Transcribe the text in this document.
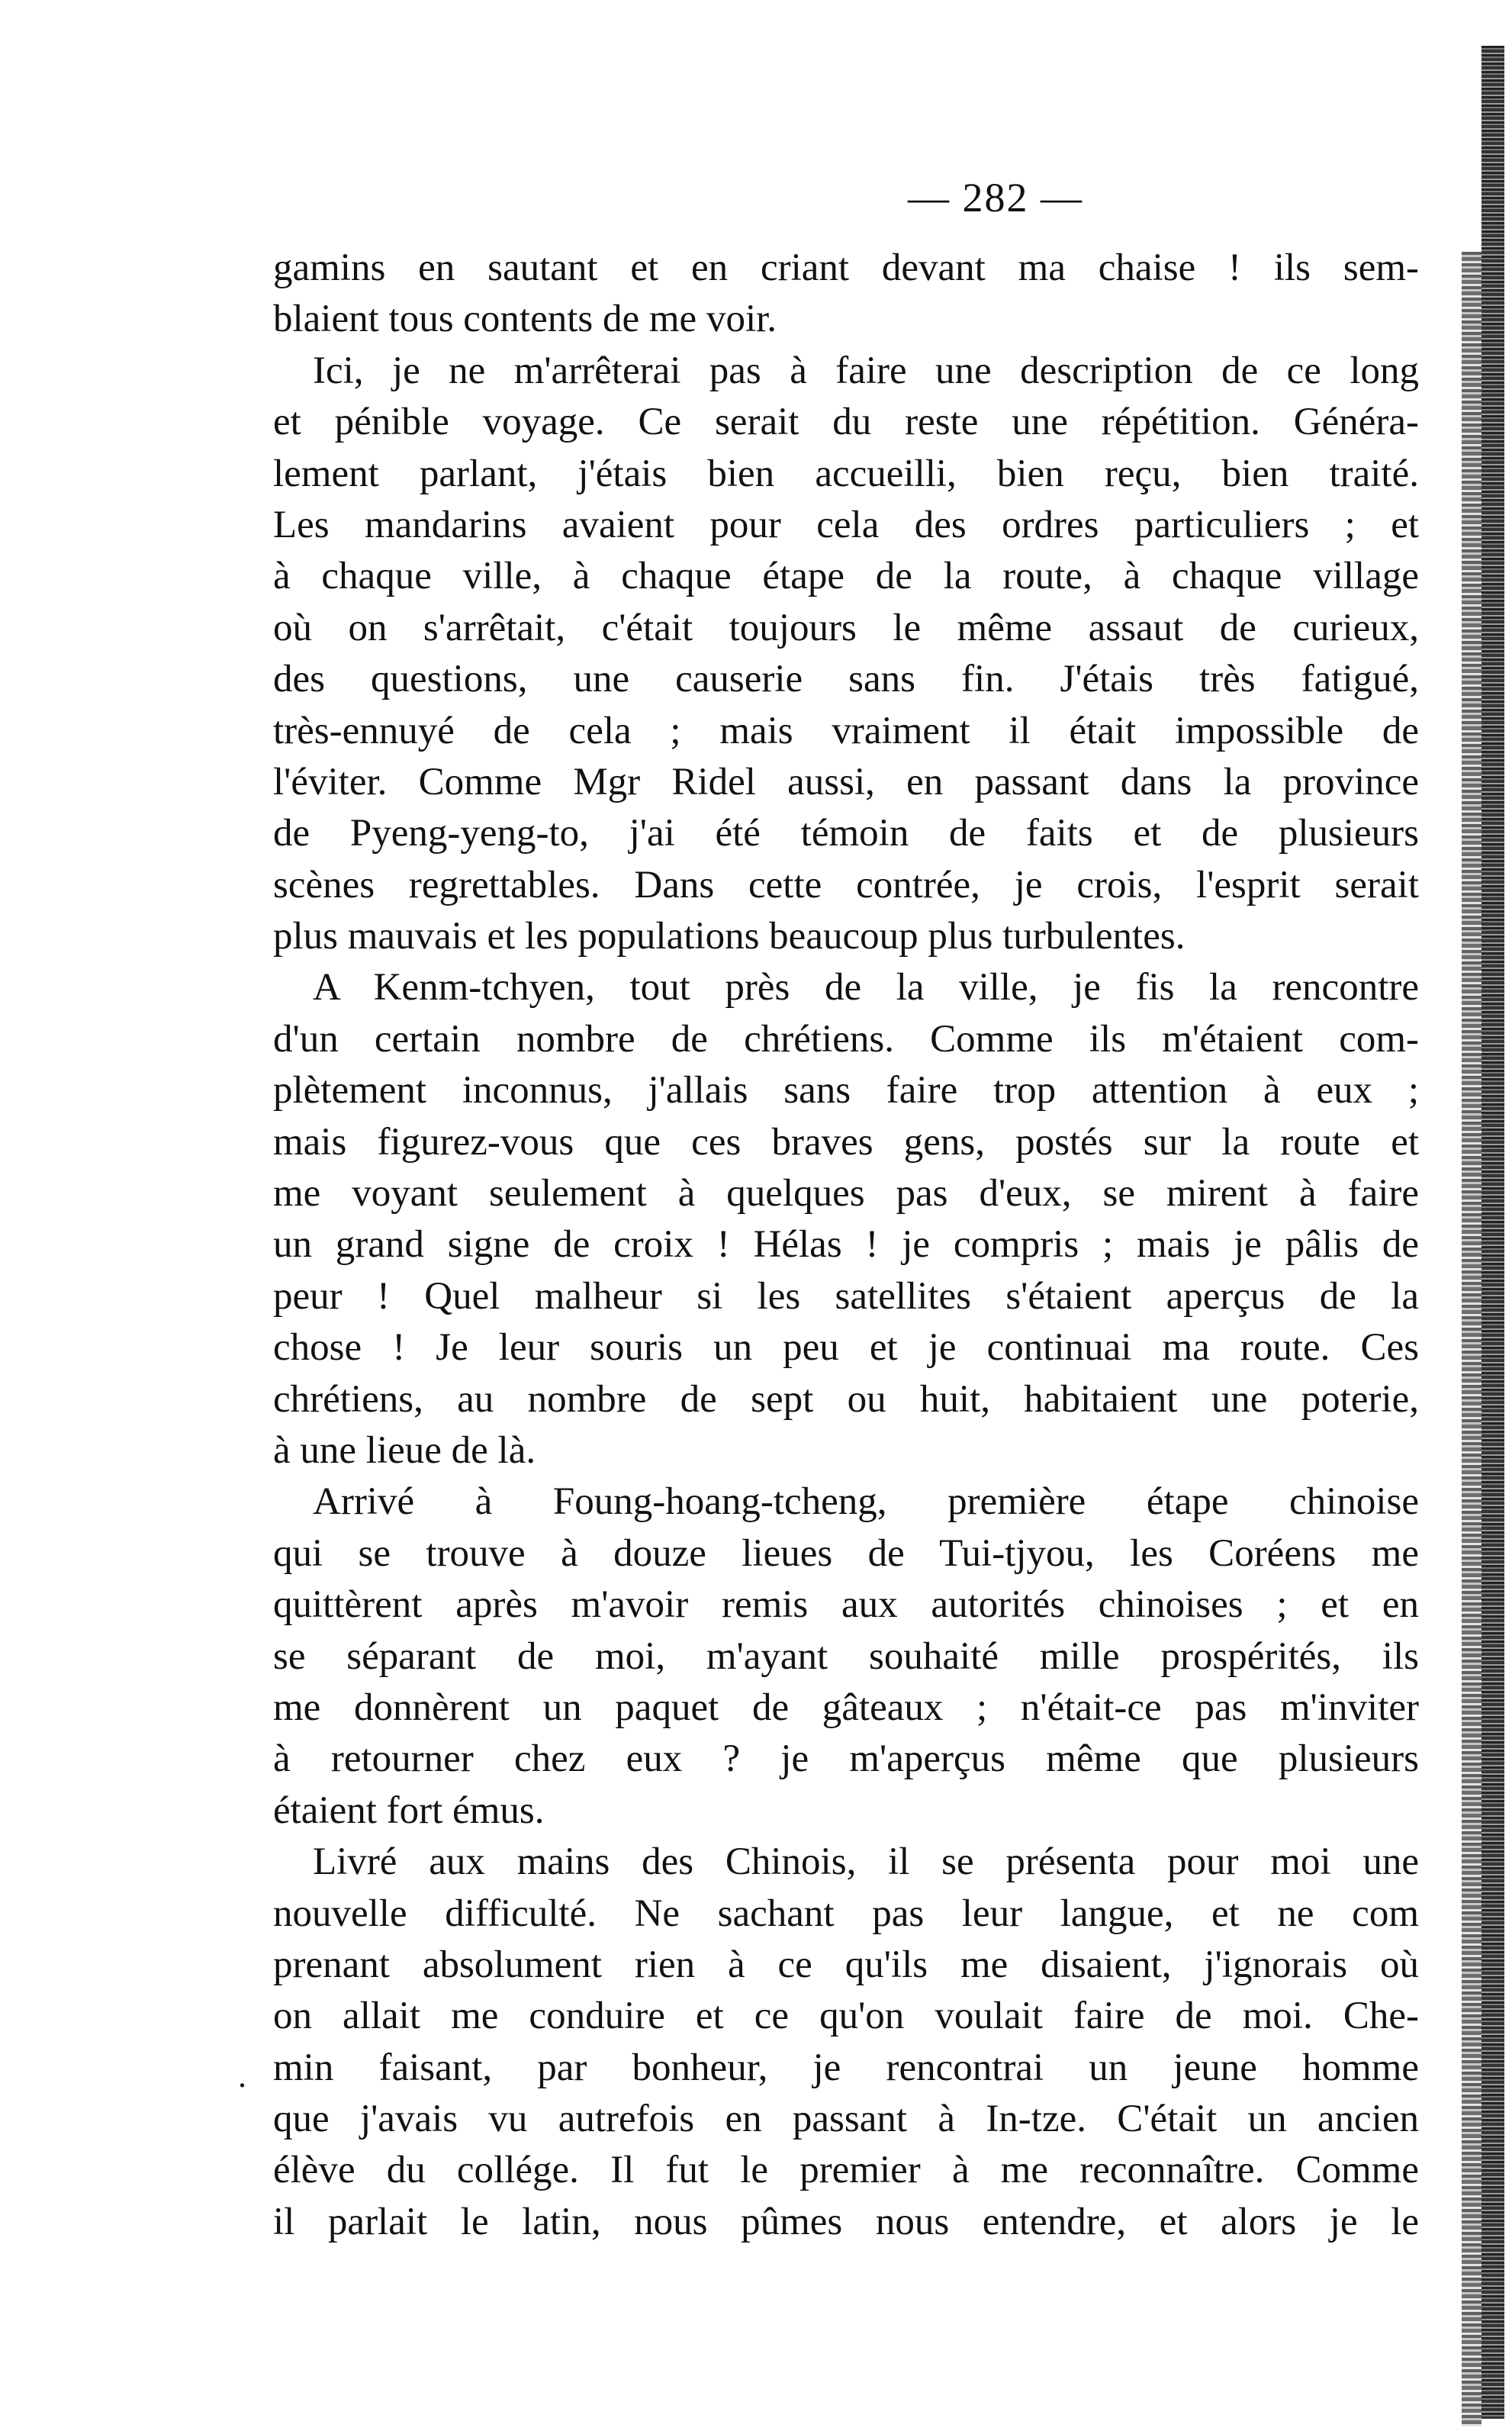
— 282 —
gamins en sautant et en criant devant ma chaise ! ils sem-
blaient tous contents de me voir.
Ici, je ne m'arrêterai pas à faire une description de ce long
et pénible voyage. Ce serait du reste une répétition. Généra-
lement parlant, j'étais bien accueilli, bien reçu, bien traité.
Les mandarins avaient pour cela des ordres particuliers ; et
à chaque ville, à chaque étape de la route, à chaque village
où on s'arrêtait, c'était toujours le même assaut de curieux,
des questions, une causerie sans fin. J'étais très fatigué,
très-ennuyé de cela ; mais vraiment il était impossible de
l'éviter. Comme Mgr Ridel aussi, en passant dans la province
de Pyeng-yeng-to, j'ai été témoin de faits et de plusieurs
scènes regrettables. Dans cette contrée, je crois, l'esprit serait
plus mauvais et les populations beaucoup plus turbulentes.
A Kenm-tchyen, tout près de la ville, je fis la rencontre
d'un certain nombre de chrétiens. Comme ils m'étaient com-
plètement inconnus, j'allais sans faire trop attention à eux ;
mais figurez-vous que ces braves gens, postés sur la route et
me voyant seulement à quelques pas d'eux, se mirent à faire
un grand signe de croix ! Hélas ! je compris ; mais je pâlis de
peur ! Quel malheur si les satellites s'étaient aperçus de la
chose ! Je leur souris un peu et je continuai ma route. Ces
chrétiens, au nombre de sept ou huit, habitaient une poterie,
à une lieue de là.
Arrivé à Foung-hoang-tcheng, première étape chinoise
qui se trouve à douze lieues de Tui-tjyou, les Coréens me
quittèrent après m'avoir remis aux autorités chinoises ; et en
se séparant de moi, m'ayant souhaité mille prospérités, ils
me donnèrent un paquet de gâteaux ; n'était-ce pas m'inviter
à retourner chez eux ? je m'aperçus même que plusieurs
étaient fort émus.
Livré aux mains des Chinois, il se présenta pour moi une
nouvelle difficulté. Ne sachant pas leur langue, et ne com
prenant absolument rien à ce qu'ils me disaient, j'ignorais où
on allait me conduire et ce qu'on voulait faire de moi. Che-
min faisant, par bonheur, je rencontrai un jeune homme
que j'avais vu autrefois en passant à In-tze. C'était un ancien
élève du collége. Il fut le premier à me reconnaître. Comme
il parlait le latin, nous pûmes nous entendre, et alors je le
.
